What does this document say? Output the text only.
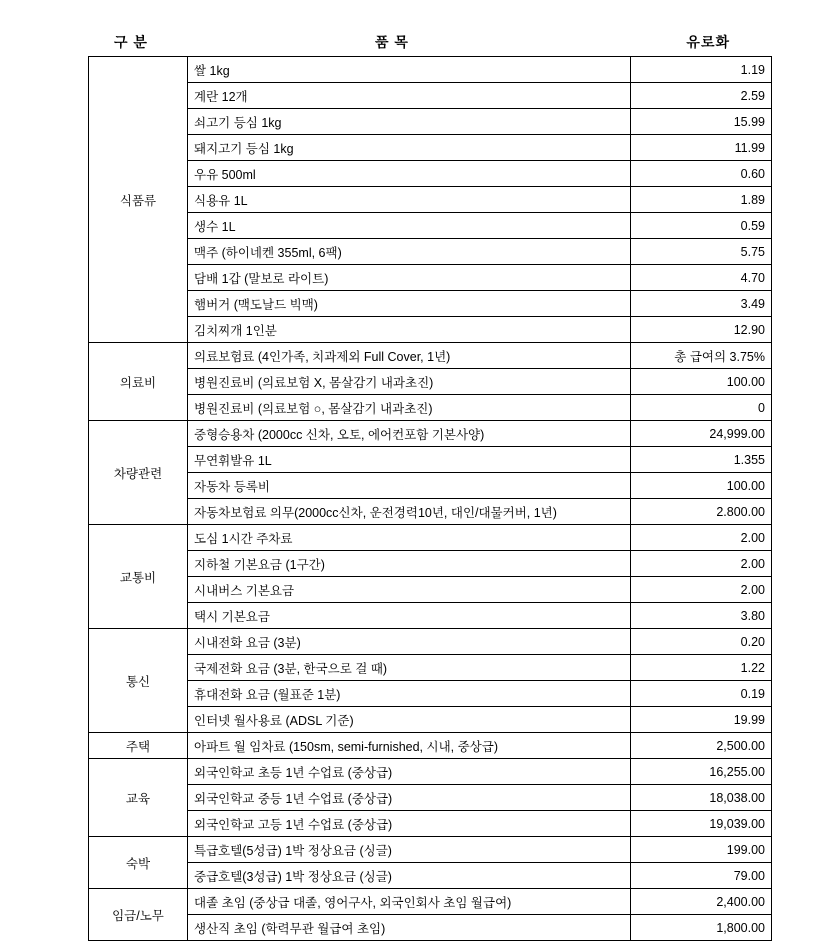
구 분	품 목	유로화
식품류	쌀 1kg	1.19
	계란 12개	2.59
	쇠고기 등심 1kg	15.99
	돼지고기 등심 1kg	11.99
	우유 500ml	0.60
	식용유 1L	1.89
	생수 1L	0.59
	맥주 (하이네켄 355ml, 6팩)	5.75
	담배 1갑 (말보로 라이트)	4.70
	햄버거 (맥도날드 빅맥)	3.49
	김치찌개 1인분	12.90
의료비	의료보험료 (4인가족, 치과제외 Full Cover, 1년)	총 급여의 3.75%
	병원진료비 (의료보험 X, 몸살감기 내과초진)	100.00
	병원진료비 (의료보험 ○, 몸살감기 내과초진)	0
차량관련	중형승용차 (2000cc 신차, 오토, 에어컨포함 기본사양)	24,999.00
	무연휘발유 1L	1.355
	자동차 등록비	100.00
	자동차보험료 의무(2000cc신차, 운전경력10년, 대인/대물커버, 1년)	2.800.00
교통비	도심 1시간 주차료	2.00
	지하철 기본요금 (1구간)	2.00
	시내버스 기본요금	2.00
	택시 기본요금	3.80
통신	시내전화 요금 (3분)	0.20
	국제전화 요금 (3분, 한국으로 걸 때)	1.22
	휴대전화 요금 (월표준 1분)	0.19
	인터넷 월사용료 (ADSL 기준)	19.99
주택	아파트 월 임차료 (150sm, semi-furnished, 시내, 중상급)	2,500.00
교육	외국인학교 초등 1년 수업료 (중상급)	16,255.00
	외국인학교 중등 1년 수업료 (중상급)	18,038.00
	외국인학교 고등 1년 수업료 (중상급)	19,039.00
숙박	특급호텔(5성급) 1박 정상요금 (싱글)	199.00
	중급호텔(3성급) 1박 정상요금 (싱글)	79.00
임금/노무	대졸 초임 (중상급 대졸, 영어구사, 외국인회사 초임 월급여)	2,400.00
	생산직 초임 (학력무관 월급여 초임)	1,800.00
